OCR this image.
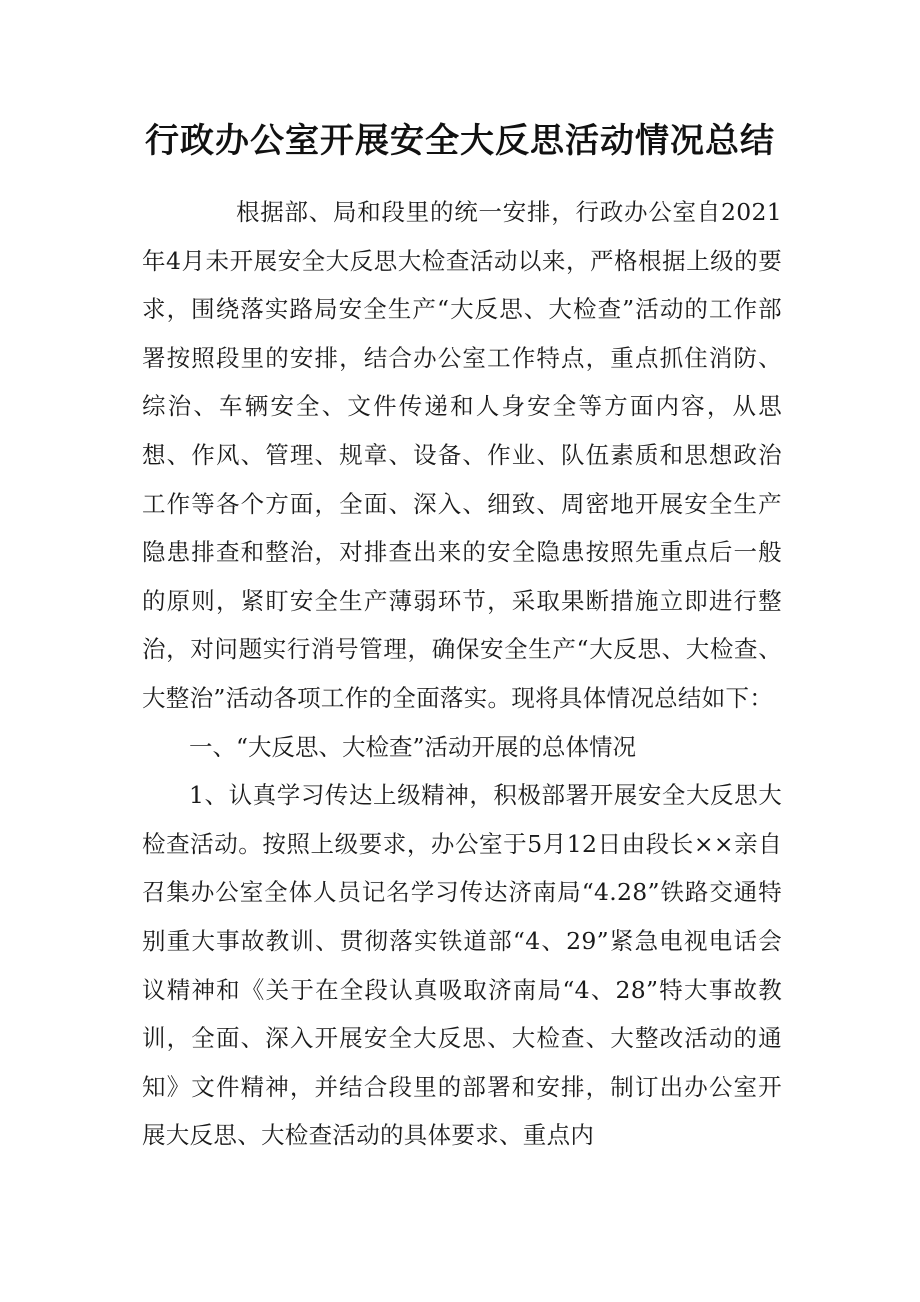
行政办公室开展安全大反思活动情况总结

根据部、局和段里的统一安排，行政办公室自2021年4月未开展安全大反思大检查活动以来，严格根据上级的要求，围绕落实路局安全生产“大反思、大检查”活动的工作部署按照段里的安排，结合办公室工作特点，重点抓住消防、综治、车辆安全、文件传递和人身安全等方面内容，从思想、作风、管理、规章、设备、作业、队伍素质和思想政治工作等各个方面，全面、深入、细致、周密地开展安全生产隐患排查和整治，对排查出来的安全隐患按照先重点后一般的原则，紧盯安全生产薄弱环节，采取果断措施立即进行整治，对问题实行消号管理，确保安全生产“大反思、大检查、大整治”活动各项工作的全面落实。现将具体情况总结如下：

一、“大反思、大检查”活动开展的总体情况

1、认真学习传达上级精神，积极部署开展安全大反思大检查活动。按照上级要求，办公室于5月12日由段长××亲自召集办公室全体人员记名学习传达济南局“4.28”铁路交通特别重大事故教训、贯彻落实铁道部“4、29”紧急电视电话会议精神和《关于在全段认真吸取济南局“4、28”特大事故教训，全面、深入开展安全大反思、大检查、大整改活动的通知》文件精神，并结合段里的部署和安排，制订出办公室开展大反思、大检查活动的具体要求、重点内
